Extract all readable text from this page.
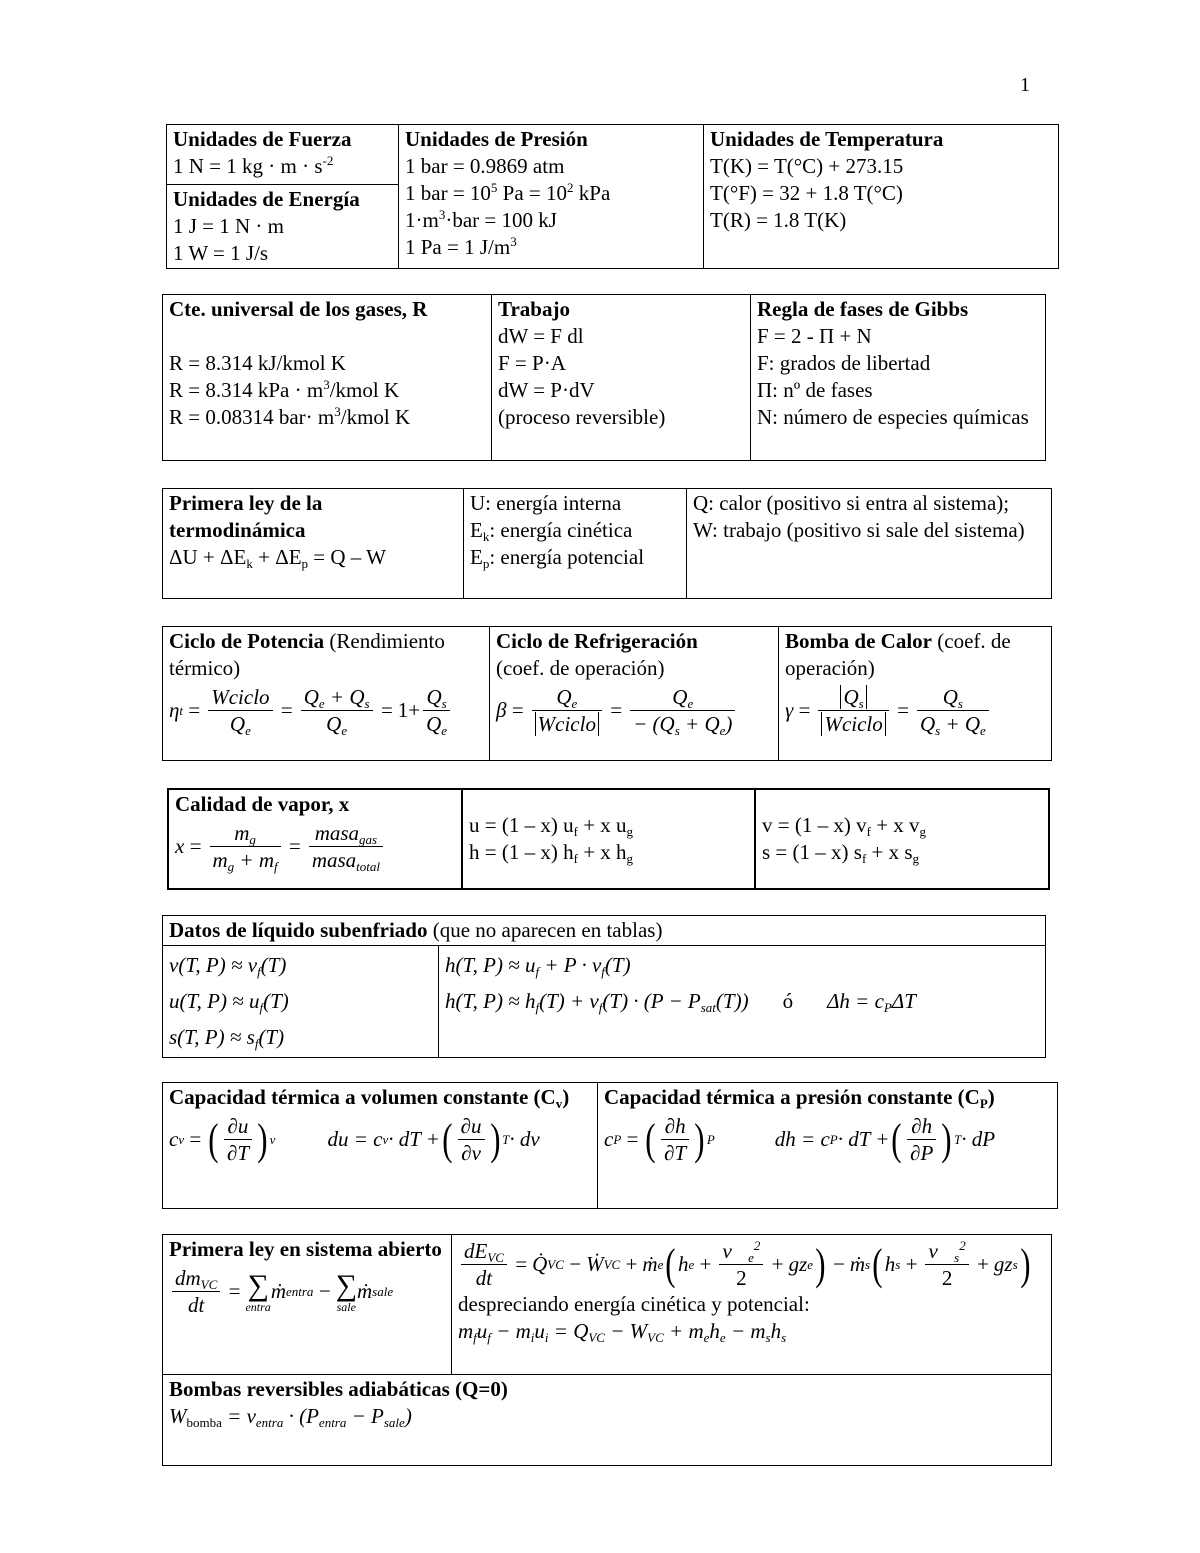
1
Unidades de Fuerza
1 N = 1 kg · $m \cdot s^{-2}$

Unidades de Presión
1 bar = 0.9869 atm
1 bar = $10^5$ $Pa = 10^2$ kPa
$1\cdot m^3\cdot bar = 100$ kJ
1 Pa = 1 $J/m^3$

Unidades de Temperatura
T(K) = T(°C) + 273.15
T(°F) = 32 + 1.8 T(°C)
T(R) = 1.8 T(K)

Unidades de Energía
1 J = 1 N · m
1 W = 1 J/s
Cte. universal de los gases, R
R = 8.314 kJ/kmol K
R = 8.314 kPa · $m^3$/kmol K
R = 0.08314 $bar\cdot m^3$/kmol K

Trabajo
dW = F dl
F = P·A
dW = P·dV
(proceso reversible)

Regla de fases de Gibbs
F = 2 - Π + N
F: grados de libertad
Π: nº de fases
N: número de especies químicas
Primera ley de la termodinámica
$\Delta U + \Delta E_k + \Delta E_p = Q - W$

U: energía interna
$E_k$: energía cinética
$E_p$: energía potencial

Q: calor (positivo si entra al sistema);
W: trabajo (positivo si sale del sistema)
Ciclo de Potencia (Rendimiento térmico)
η $t = \frac{\text{Wciclo}}{Q_e} = \frac{Q_e + Q_s}{Q_e} = 1+ \frac{Q_s}{Q_e}$

Ciclo de Refrigeración
(coef. de operación)
$\beta = \frac{Q_e}{\text{Wciclo}} = \frac{Q_e}{- (Q_s + Q_e)}$

Bomba de Calor (coef. de operación)
$\gamma = \frac{Q_s}{\text{Wciclo}} = \frac{Q_s}{Q_s + Q_e}$
Calidad de vapor, x
$x = \frac{m_g}{m_g + m_f} = \frac{masa_{gas}}{masa_{total}}$	u = (1 – x) $u_f + x$ $u_g$
h = (1 – x) $h_f + x$ $h_g$

v = (1 – x) $v_f + x$ $v_g$
s = (1 – x) $s_f + x$ $s_g$
Datos de líquido subenfriado (que no aparecen en tablas)

v(T, $P) \approx v_f(T)$
u(T, $P) \approx u_f(T)$
s(T, $P) \approx s_f(T)$

h(T, $P) \approx u_f + P \cdot v_f(T)$
h(T, $P) \approx h_f(T) + v_f(T) \cdot (P - P_{sat}(T))$ ó $\Delta h = c_P\Delta T$
Capacidad térmica a volumen constante $(C_v)$
c v = ( $\frac{\partial u}{\partial T}$ ) v du = c v · dT + ( $\frac{\partial u}{\partial v}$ ) T · dv

Capacidad térmica a presión constante $(C_P)$
c P = ( $\frac{\partial h}{\partial T}$ ) P	dh = c P · dT + ( $\frac{\partial h}{\partial P}$ ) T · dP
Primera ley en sistema abierto
$\frac{dm_{VC}}{dt}$ = ∑
entra
ṁ entra − ∑
sale
ṁ sale	$\frac{dE_{VC}}{dt}$ = Q̇ VC − Ẇ VC + ṁ e ( h $e + \frac{v⃗_e^2}{2}$ + gz e ) − ṁ s ( h $s + \frac{v⃗_s^2}{2}$ + gz s )
despreciando energía cinética y potencial:
$m_fu_f - m_iu_i = Q_{VC} - W_{VC} + m_eh_e - m_sh_s$

Bombas reversibles adiabáticas (Q=0)
$W_{bomba} = v_{entra} \cdot (P_{entra} - P_{sale})$
